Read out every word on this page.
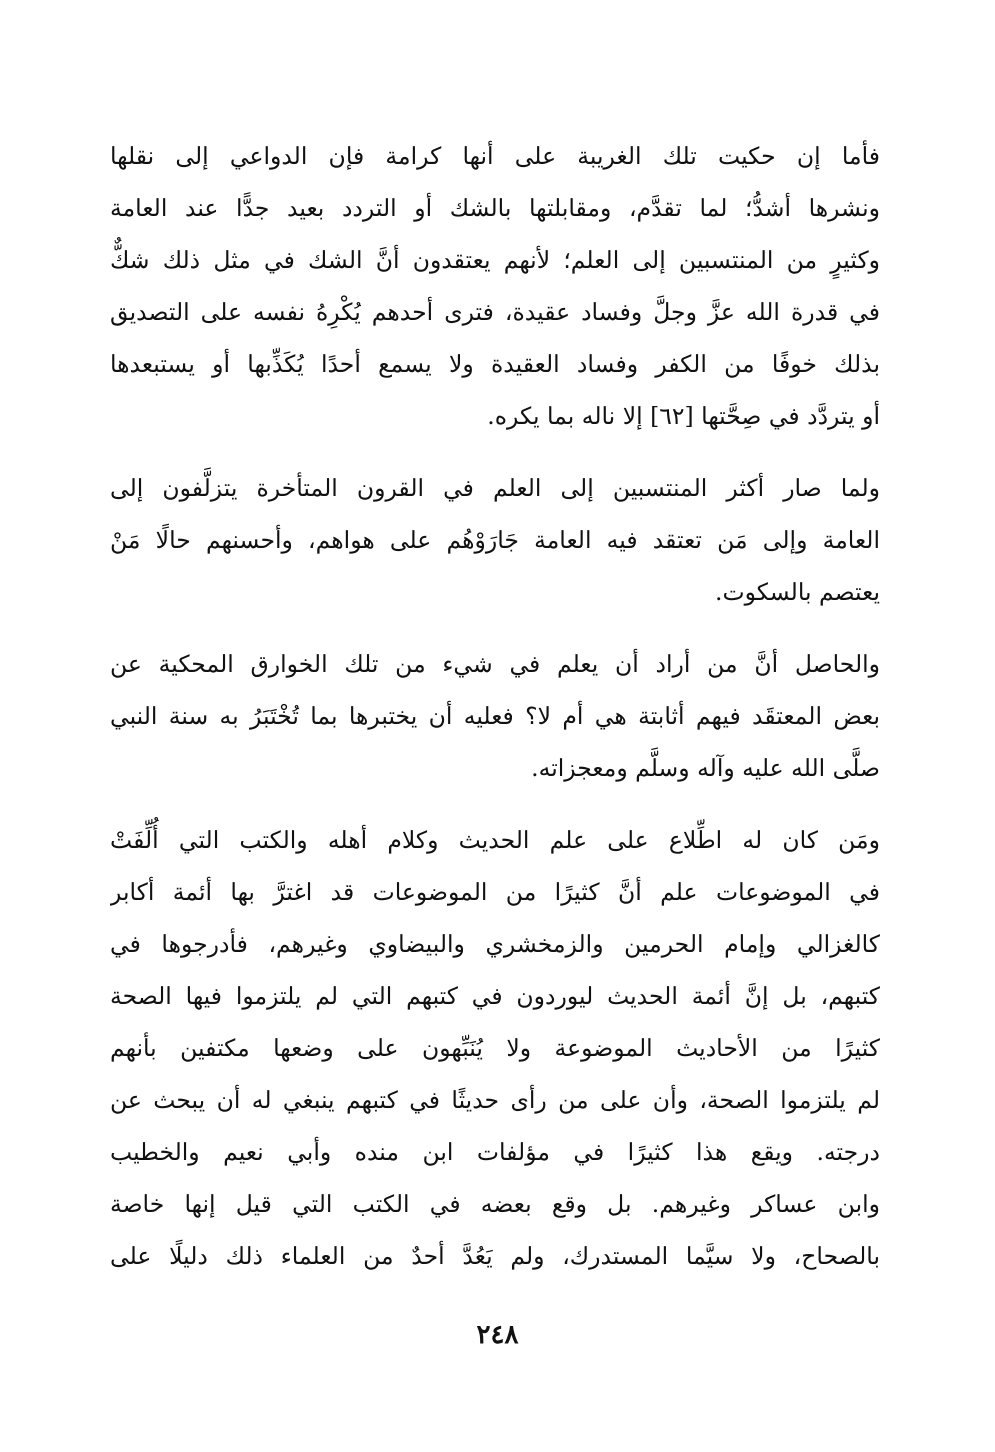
فأما إن حكيت تلك الغريبة على أنها كرامة فإن الدواعي إلى نقلها
ونشرها أشدُّ؛ لما تقدَّم، ومقابلتها بالشك أو التردد بعيد جدًّا عند العامة
وكثيرٍ من المنتسبين إلى العلم؛ لأنهم يعتقدون أنَّ الشك في مثل ذلك شكٌّ
في قدرة الله عزَّ وجلَّ وفساد عقيدة، فترى أحدهم يُكْرِهُ نفسه على التصديق
بذلك خوفًا من الكفر وفساد العقيدة ولا يسمع أحدًا يُكَذِّبها أو يستبعدها
أو يتردَّد في صِحَّتها [٦٢] إلا ناله بما يكره.
ولما صار أكثر المنتسبين إلى العلم في القرون المتأخرة يتزلَّفون إلى
العامة وإلى مَن تعتقد فيه العامة جَارَوْهُم على هواهم، وأحسنهم حالًا مَنْ
يعتصم بالسكوت.
والحاصل أنَّ من أراد أن يعلم في شيء من تلك الخوارق المحكية عن
بعض المعتقَد فيهم أثابتة هي أم لا؟ فعليه أن يختبرها بما تُخْتَبَرُ به سنة النبي
صلَّى الله عليه وآله وسلَّم ومعجزاته.
ومَن كان له اطِّلاع على علم الحديث وكلام أهله والكتب التي أُلِّفَتْ
في الموضوعات علم أنَّ كثيرًا من الموضوعات قد اغترَّ بها أئمة أكابر
كالغزالي وإمام الحرمين والزمخشري والبيضاوي وغيرهم، فأدرجوها في
كتبهم، بل إنَّ أئمة الحديث ليوردون في كتبهم التي لم يلتزموا فيها الصحة
كثيرًا من الأحاديث الموضوعة ولا يُنَبِّهون على وضعها مكتفين بأنهم
لم يلتزموا الصحة، وأن على من رأى حديثًا في كتبهم ينبغي له أن يبحث عن
درجته. ويقع هذا كثيرًا في مؤلفات ابن منده وأبي نعيم والخطيب
وابن عساكر وغيرهم. بل وقع بعضه في الكتب التي قيل إنها خاصة
بالصحاح، ولا سيَّما المستدرك، ولم يَعُدَّ أحدٌ من العلماء ذلك دليلًا على
٢٤٨
